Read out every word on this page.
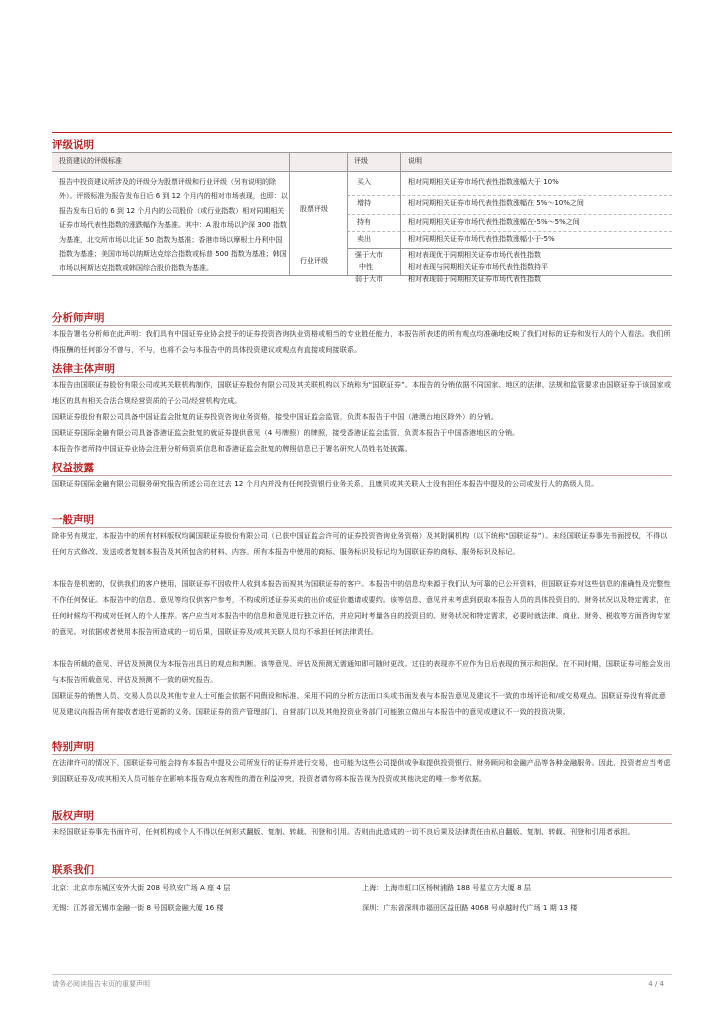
评级说明
投资建议的评级标准	评级	说明
报告中投资建议所涉及的评级分为股票评级和行业评级（另有说明的除外）。评级标准为报告发布日后 6 到 12 个月内的相对市场表现，也即：以报告发布日后的 6 到 12 个月内的公司股价（或行业指数）相对同期相关证券市场代表性指数的涨跌幅作为基准。其中：A 股市场以沪深 300 指数为基准，北交所市场以北证 50 指数为基准；香港市场以摩根士丹利中国指数为基准；美国市场以纳斯达克综合指数或标普 500 指数为基准；韩国市场以柯斯达克指数或韩国综合股价指数为基准。
股票评级
行业评级
买入	相对同期相关证券市场代表性指数涨幅大于 10%
增持	相对同期相关证券市场代表性指数涨幅在 5%～10%之间
持有	相对同期相关证券市场代表性指数涨幅在-5%～5%之间
卖出	相对同期相关证券市场代表性指数涨幅小于-5%
强于大市	相对表现优于同期相关证券市场代表性指数
中性	相对表现与同期相关证券市场代表性指数持平
弱于大市	相对表现弱于同期相关证券市场代表性指数
分析师声明

本报告署名分析师在此声明：我们具有中国证券业协会授予的证券投资咨询执业资格或相当的专业胜任能力，本报告所表述的所有观点均准确地反映了我们对标的证券和发行人的个人看法。我们所得报酬的任何部分不曾与，不与，也将不会与本报告中的具体投资建议或观点有直接或间接联系。

法律主体声明

本报告由国联证券股份有限公司或其关联机构制作，国联证券股份有限公司及其关联机构以下统称为“国联证券”。本报告的分销依据不同国家、地区的法律、法规和监管要求由国联证券于该国家或地区的具有相关合法合规经营资质的子公司/经营机构完成。

国联证券股份有限公司具备中国证监会批复的证券投资咨询业务资格，接受中国证监会监管，负责本报告于中国（港澳台地区除外）的分销。

国联证券国际金融有限公司具备香港证监会批复的就证券提供意见（4 号牌照）的牌照，接受香港证监会监管，负责本报告于中国香港地区的分销。

本报告作者所持中国证券业协会注册分析师资质信息和香港证监会批复的牌照信息已于署名研究人员姓名处披露。

权益披露

国联证券国际金融有限公司服务研究报告所述公司在过去 12 个月内并没有任何投资银行业务关系，且康贝或其关联人士没有担任本报告中提及的公司或发行人的高级人员。

一般声明

除非另有规定，本报告中的所有材料版权均属国联证券股份有限公司（已获中国证监会许可的证券投资咨询业务资格）及其附属机构（以下统称“国联证券”）。未经国联证券事先书面授权，不得以任何方式修改、发送或者复制本报告及其所包含的材料、内容。所有本报告中使用的商标、服务标识及标记均为国联证券的商标、服务标识及标记。

本报告是机密的，仅供我们的客户使用，国联证券不因收件人收到本报告而视其为国联证券的客户。本报告中的信息均来源于我们认为可靠的已公开资料，但国联证券对这些信息的准确性及完整性不作任何保证。本报告中的信息、意见等均仅供客户参考，不构成所述证券买卖的出价或征价邀请或要约。该等信息、意见并未考虑到获取本报告人员的具体投资目的、财务状况以及特定需求，在任何时候均不构成对任何人的个人推荐。客户应当对本报告中的信息和意见进行独立评估，并应同时考量各自的投资目的、财务状况和特定需求，必要时就法律、商业、财务、税收等方面咨询专家的意见。对依据或者使用本报告所造成的一切后果，国联证券及/或其关联人员均不承担任何法律责任。

本报告所载的意见、评估及预测仅为本报告出具日的观点和判断。该等意见、评估及预测无需通知即可随时更改。过往的表现亦不应作为日后表现的预示和担保。在不同时期，国联证券可能会发出与本报告所载意见、评估及预测不一致的研究报告。

国联证券的销售人员、交易人员以及其他专业人士可能会依据不同假设和标准、采用不同的分析方法而口头或书面发表与本报告意见及建议不一致的市场评论和/或交易观点。国联证券没有将此意见及建议向报告所有接收者进行更新的义务。国联证券的资产管理部门、自营部门以及其他投资业务部门可能独立做出与本报告中的意见或建议不一致的投资决策。

特别声明

在法律许可的情况下，国联证券可能会持有本报告中提及公司所发行的证券并进行交易，也可能为这些公司提供或争取提供投资银行、财务顾问和金融产品等各种金融服务。因此，投资者应当考虑到国联证券及/或其相关人员可能存在影响本报告观点客观性的潜在利益冲突，投资者请勿将本报告视为投资或其他决定的唯一参考依据。

版权声明

未经国联证券事先书面许可，任何机构或个人不得以任何形式翻版、复制、转载、刊登和引用。否则由此造成的一切不良后果及法律责任由私自翻版、复制、转载、刊登和引用者承担。

联系我们
北京：北京市东城区安外大街 208 号玖安广场 A 座 4 层	上海：上海市虹口区杨树浦路 188 号星立方大厦 8 层
无锡：江苏省无锡市金融一街 8 号国联金融大厦 16 楼	深圳：广东省深圳市福田区益田路 4068 号卓越时代广场 1 期 13 楼
请务必阅读报告末页的重要声明	4 / 4
